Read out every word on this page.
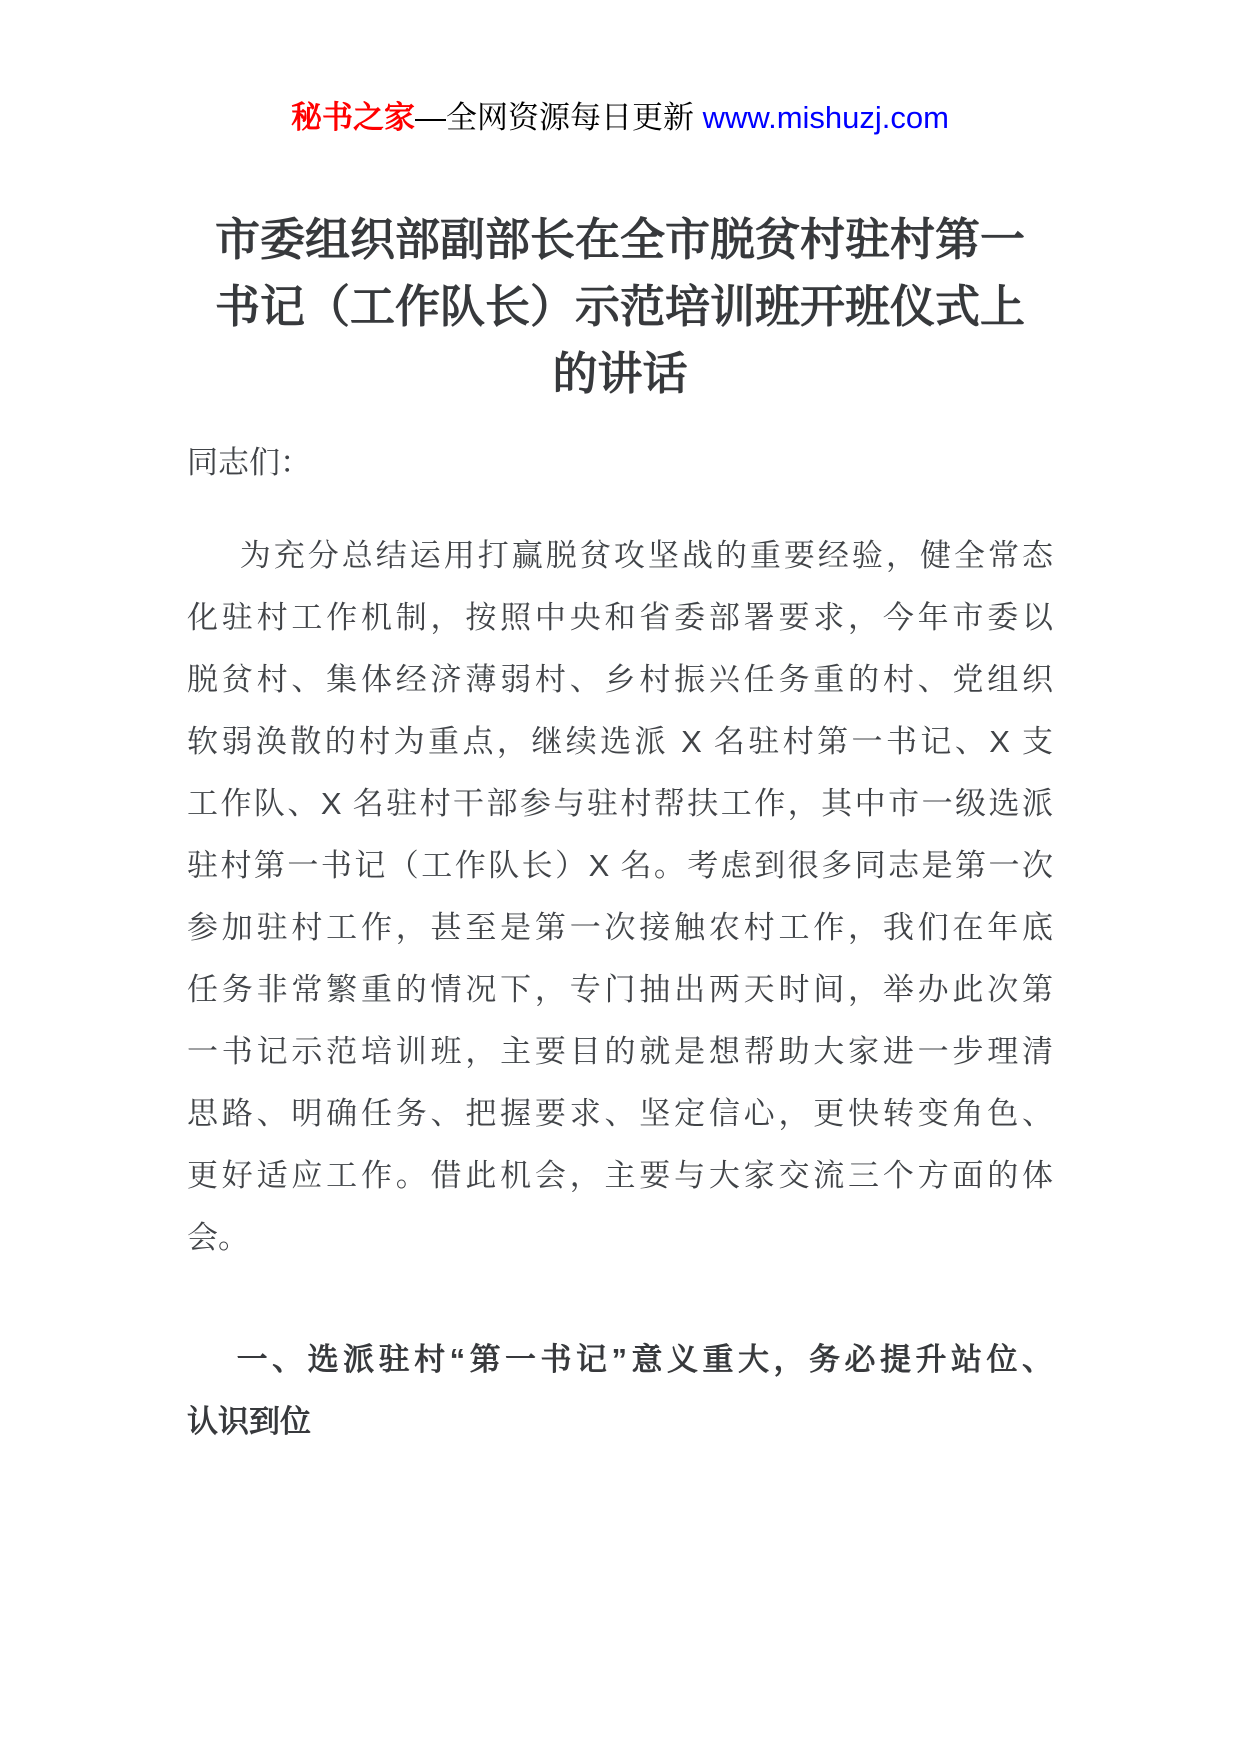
秘书之家—全网资源每日更新 www.mishuzj.com
市委组织部副部长在全市脱贫村驻村第一
书记（工作队长）示范培训班开班仪式上
的讲话
同志们：
为充分总结运用打赢脱贫攻坚战的重要经验，健全常态
化驻村工作机制，按照中央和省委部署要求，今年市委以
脱贫村、集体经济薄弱村、乡村振兴任务重的村、党组织
软弱涣散的村为重点，继续选派 X 名驻村第一书记、X 支
工作队、X 名驻村干部参与驻村帮扶工作，其中市一级选派
驻村第一书记（工作队长）X 名。考虑到很多同志是第一次
参加驻村工作，甚至是第一次接触农村工作，我们在年底
任务非常繁重的情况下，专门抽出两天时间，举办此次第
一书记示范培训班，主要目的就是想帮助大家进一步理清
思路、明确任务、把握要求、坚定信心，更快转变角色、
更好适应工作。借此机会，主要与大家交流三个方面的体
会。
一、选派驻村“第一书记”意义重大，务必提升站位、
认识到位
